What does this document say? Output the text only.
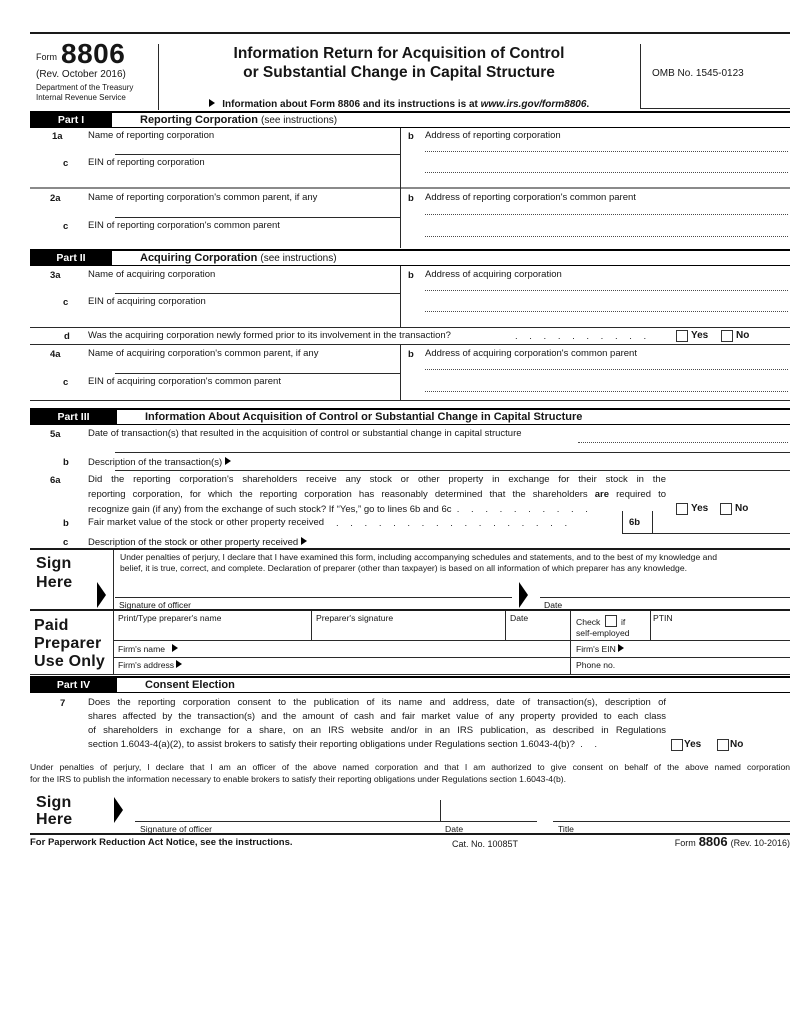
Form 8806
(Rev. October 2016)
Department of the Treasury
Internal Revenue Service
Information Return for Acquisition of Control
or Substantial Change in Capital Structure
Information about Form 8806 and its instructions is at www.irs.gov/form8806.
OMB No. 1545-0123
Part I	Reporting Corporation (see instructions)
1a	Name of reporting corporation	b Address of reporting corporation
c EIN of reporting corporation
2a	Name of reporting corporation's common parent, if any	b Address of reporting corporation's common parent
c EIN of reporting corporation's common parent
Part II	Acquiring Corporation (see instructions)
3a	Name of acquiring corporation	b Address of acquiring corporation
c EIN of acquiring corporation
d Was the acquiring corporation newly formed prior to its involvement in the transaction?	. . . . . . . . . .	Yes	No
4a	Name of acquiring corporation's common parent, if any	b Address of acquiring corporation's common parent
c EIN of acquiring corporation's common parent
Part III	Information About Acquisition of Control or Substantial Change in Capital Structure
5a	Date of transaction(s) that resulted in the acquisition of control or substantial change in capital structure
b Description of the transaction(s)
6a	Did the reporting corporation's shareholders receive any stock or other property in exchange for their stock in the
reporting corporation, for which the reporting corporation has reasonably determined that the shareholders are required to
recognize gain (if any) from the exchange of such stock? If “Yes,” go to lines 6b and 6c . . . . . . . . . .	Yes	No
b Fair market value of the stock or other property received . . . . . . . . . . . . . . . . .	6b
c Description of the stock or other property received
Sign
Here
Under penalties of perjury, I declare that I have examined this form, including accompanying schedules and statements, and to the best of my knowledge and
belief, it is true, correct, and complete. Declaration of preparer (other than taxpayer) is based on all information of which preparer has any knowledge.
Signature of officer	Date
Paid
Preparer
Use Only
Print/Type preparer's name	Preparer's signature	Date	PTIN
Check if
self-employed
Firm's name	Firm's EIN
Firm's address	Phone no.
Part IV	Consent Election
7 Does the reporting corporation consent to the publication of its name and address, date of transaction(s), description of
shares affected by the transaction(s) and the amount of cash and fair market value of any property provided to each class
of shareholders in exchange for a share, on an IRS website and/or in an IRS publication, as described in Regulations
section 1.6043-4(a)(2), to assist brokers to satisfy their reporting obligations under Regulations section 1.6043-4(b)? . .	Yes	No
Under penalties of perjury, I declare that I am an officer of the above named corporation and that I am authorized to give consent on behalf of the above named corporation
for the IRS to publish the information necessary to enable brokers to satisfy their reporting obligations under Regulations section 1.6043-4(b).
Sign
Here
Signature of officer	Date	Title
For Paperwork Reduction Act Notice, see the instructions.	Cat. No. 10085T	Form 8806 (Rev. 10-2016)
